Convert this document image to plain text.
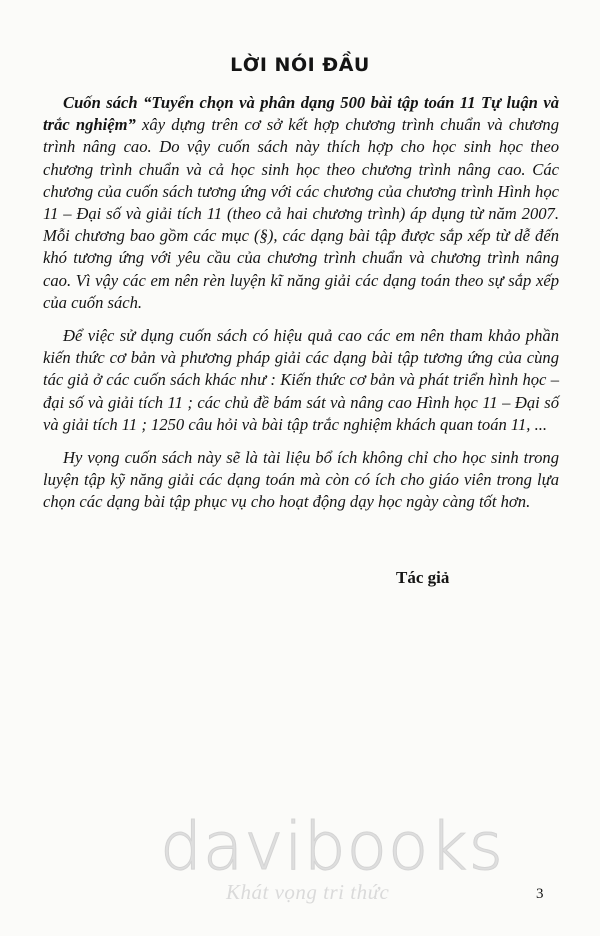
LỜI NÓI ĐẦU

Cuốn sách “Tuyển chọn và phân dạng 500 bài tập toán 11 Tự luận và trắc nghiệm” xây dựng trên cơ sở kết hợp chương trình chuẩn và chương trình nâng cao. Do vậy cuốn sách này thích hợp cho học sinh học theo chương trình chuẩn và cả học sinh học theo chương trình nâng cao. Các chương của cuốn sách tương ứng với các chương của chương trình Hình học 11 – Đại số và giải tích 11 (theo cả hai chương trình) áp dụng từ năm 2007. Mỗi chương bao gồm các mục (§), các dạng bài tập được sắp xếp từ dễ đến khó tương ứng với yêu cầu của chương trình chuẩn và chương trình nâng cao. Vì vậy các em nên rèn luyện kĩ năng giải các dạng toán theo sự sắp xếp của cuốn sách.

Để việc sử dụng cuốn sách có hiệu quả cao các em nên tham khảo phần kiến thức cơ bản và phương pháp giải các dạng bài tập tương ứng của cùng tác giả ở các cuốn sách khác như : Kiến thức cơ bản và phát triển hình học – đại số và giải tích 11 ; các chủ đề bám sát và nâng cao Hình học 11 – Đại số và giải tích 11 ; 1250 câu hỏi và bài tập trắc nghiệm khách quan toán 11, ...

Hy vọng cuốn sách này sẽ là tài liệu bổ ích không chỉ cho học sinh trong luyện tập kỹ năng giải các dạng toán mà còn có ích cho giáo viên trong lựa chọn các dạng bài tập phục vụ cho hoạt động dạy học ngày càng tốt hơn.

Tác giả
davibooks
Khát vọng tri thức	3
